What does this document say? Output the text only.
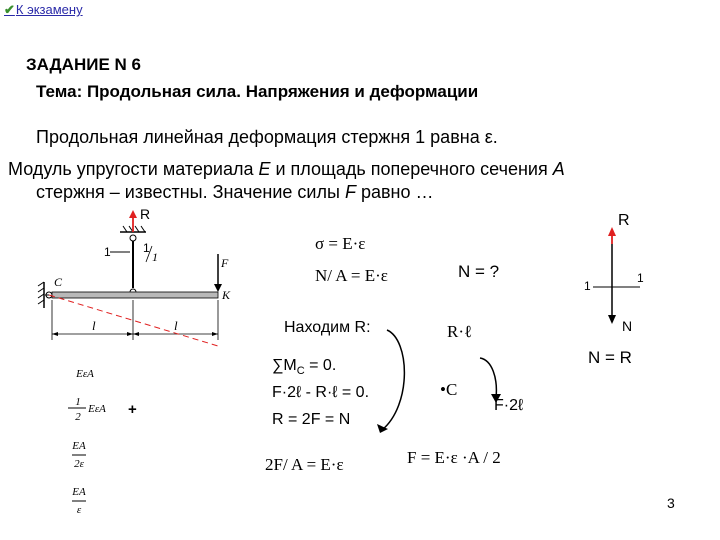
✔К экзамену
ЗАДАНИЕ N 6
Тема: Продольная сила. Напряжения и деформации
Продольная линейная деформация стержня 1 равна ε.
Модуль упругости материала E и площадь поперечного сечения A
стержня – известны. Значение силы F равно …
R
1	1
1	F
C
K
l	l
R
1
1
N
σ = E·ε
N/ A = E·ε	N = ?
Находим R:	R·ℓ
$\sum M_C = 0$.	N = R
F·2ℓ - R·ℓ = 0.	•C
F·2ℓ
R = 2F = N
F = E·ε ·A / 2
2F/ A = E·ε
EεA
1
EεA
2	+
EA
2ε
EA
ε	3
